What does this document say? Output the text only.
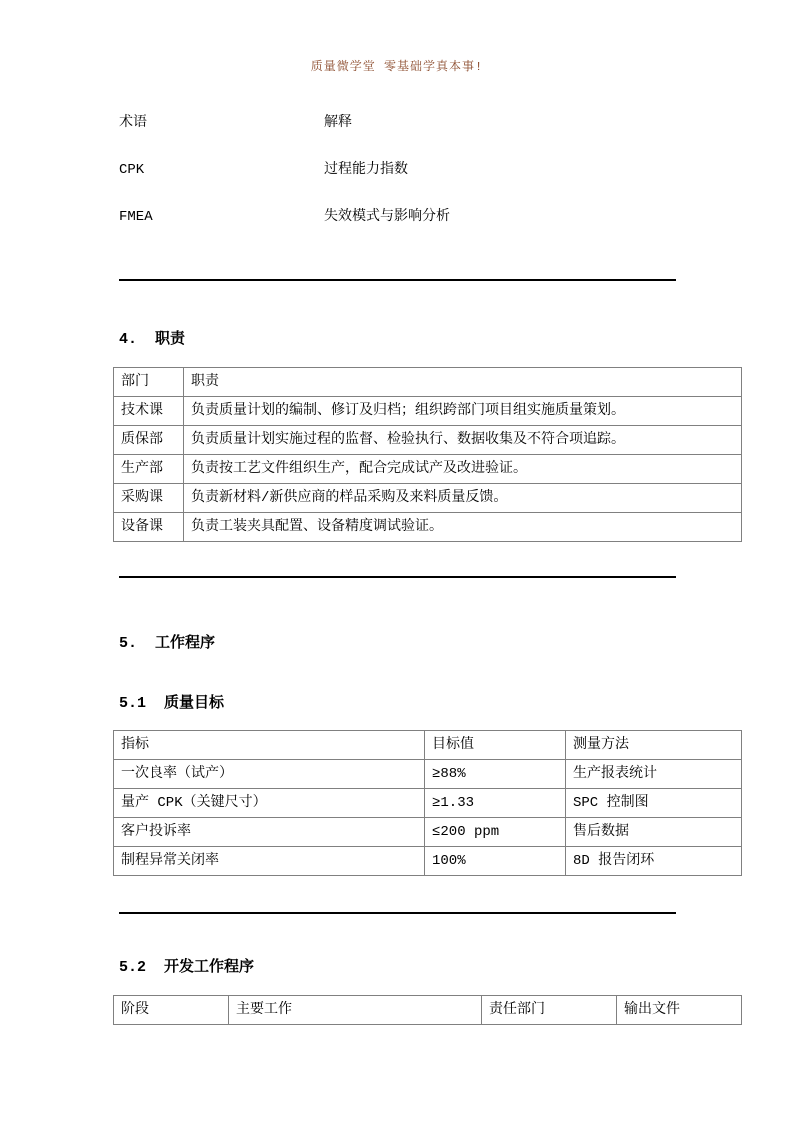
质量微学堂 零基础学真本事!
术语	解释
CPK	过程能力指数
FMEA	失效模式与影响分析
4.  职责
部门	职责
技术课	负责质量计划的编制、修订及归档；组织跨部门项目组实施质量策划。
质保部	负责质量计划实施过程的监督、检验执行、数据收集及不符合项追踪。
生产部	负责按工艺文件组织生产，配合完成试产及改进验证。
采购课	负责新材料/新供应商的样品采购及来料质量反馈。
设备课	负责工装夹具配置、设备精度调试验证。
5.  工作程序
5.1  质量目标
指标	目标值	测量方法
一次良率（试产）	≥88%	生产报表统计
量产 CPK（关键尺寸）	≥1.33	SPC 控制图
客户投诉率	≤200 ppm	售后数据
制程异常关闭率	100%	8D 报告闭环
5.2  开发工作程序
阶段	主要工作	责任部门	输出文件
